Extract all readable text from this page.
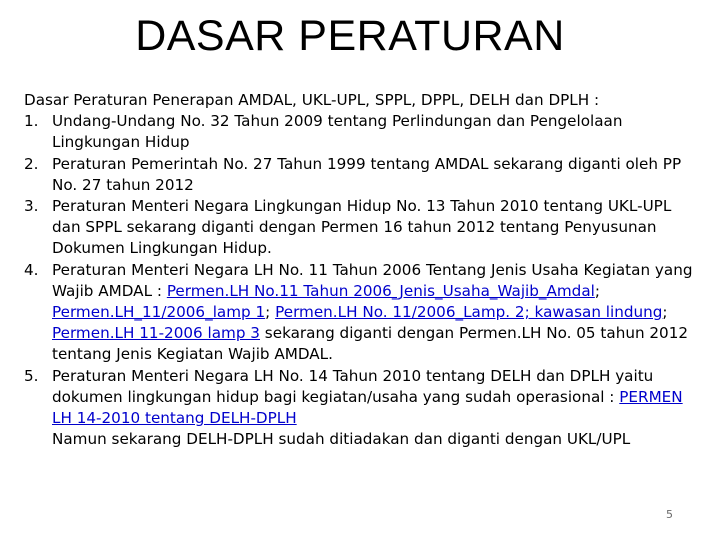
DASAR PERATURAN

Dasar Peraturan Penerapan AMDAL, UKL-UPL, SPPL, DPPL, DELH dan DPLH :

1. Undang-Undang No. 32 Tahun 2009 tentang Perlindungan dan Pengelolaan Lingkungan Hidup
2. Peraturan Pemerintah No. 27 Tahun 1999 tentang AMDAL sekarang diganti oleh PP No. 27 tahun 2012
3. Peraturan Menteri Negara Lingkungan Hidup No. 13 Tahun 2010 tentang UKL-UPL dan SPPL sekarang diganti dengan Permen 16 tahun 2012 tentang Penyusunan Dokumen Lingkungan Hidup.
4. Peraturan Menteri Negara LH No. 11 Tahun 2006 Tentang Jenis Usaha Kegiatan yang Wajib AMDAL : Permen.LH No.11 Tahun 2006_Jenis_Usaha_Wajib_Amdal; Permen.LH_11/2006_lamp 1; Permen.LH No. 11/2006_Lamp. 2; kawasan lindung; Permen.LH 11-2006 lamp 3 sekarang diganti dengan Permen.LH No. 05 tahun 2012 tentang Jenis Kegiatan Wajib AMDAL.
5. Peraturan Menteri Negara LH No. 14 Tahun 2010 tentang DELH dan DPLH yaitu dokumen lingkungan hidup bagi kegiatan/usaha yang sudah operasional : PERMEN LH 14-2010 tentang DELH-DPLH
Namun sekarang DELH-DPLH sudah ditiadakan dan diganti dengan UKL/UPL
5
